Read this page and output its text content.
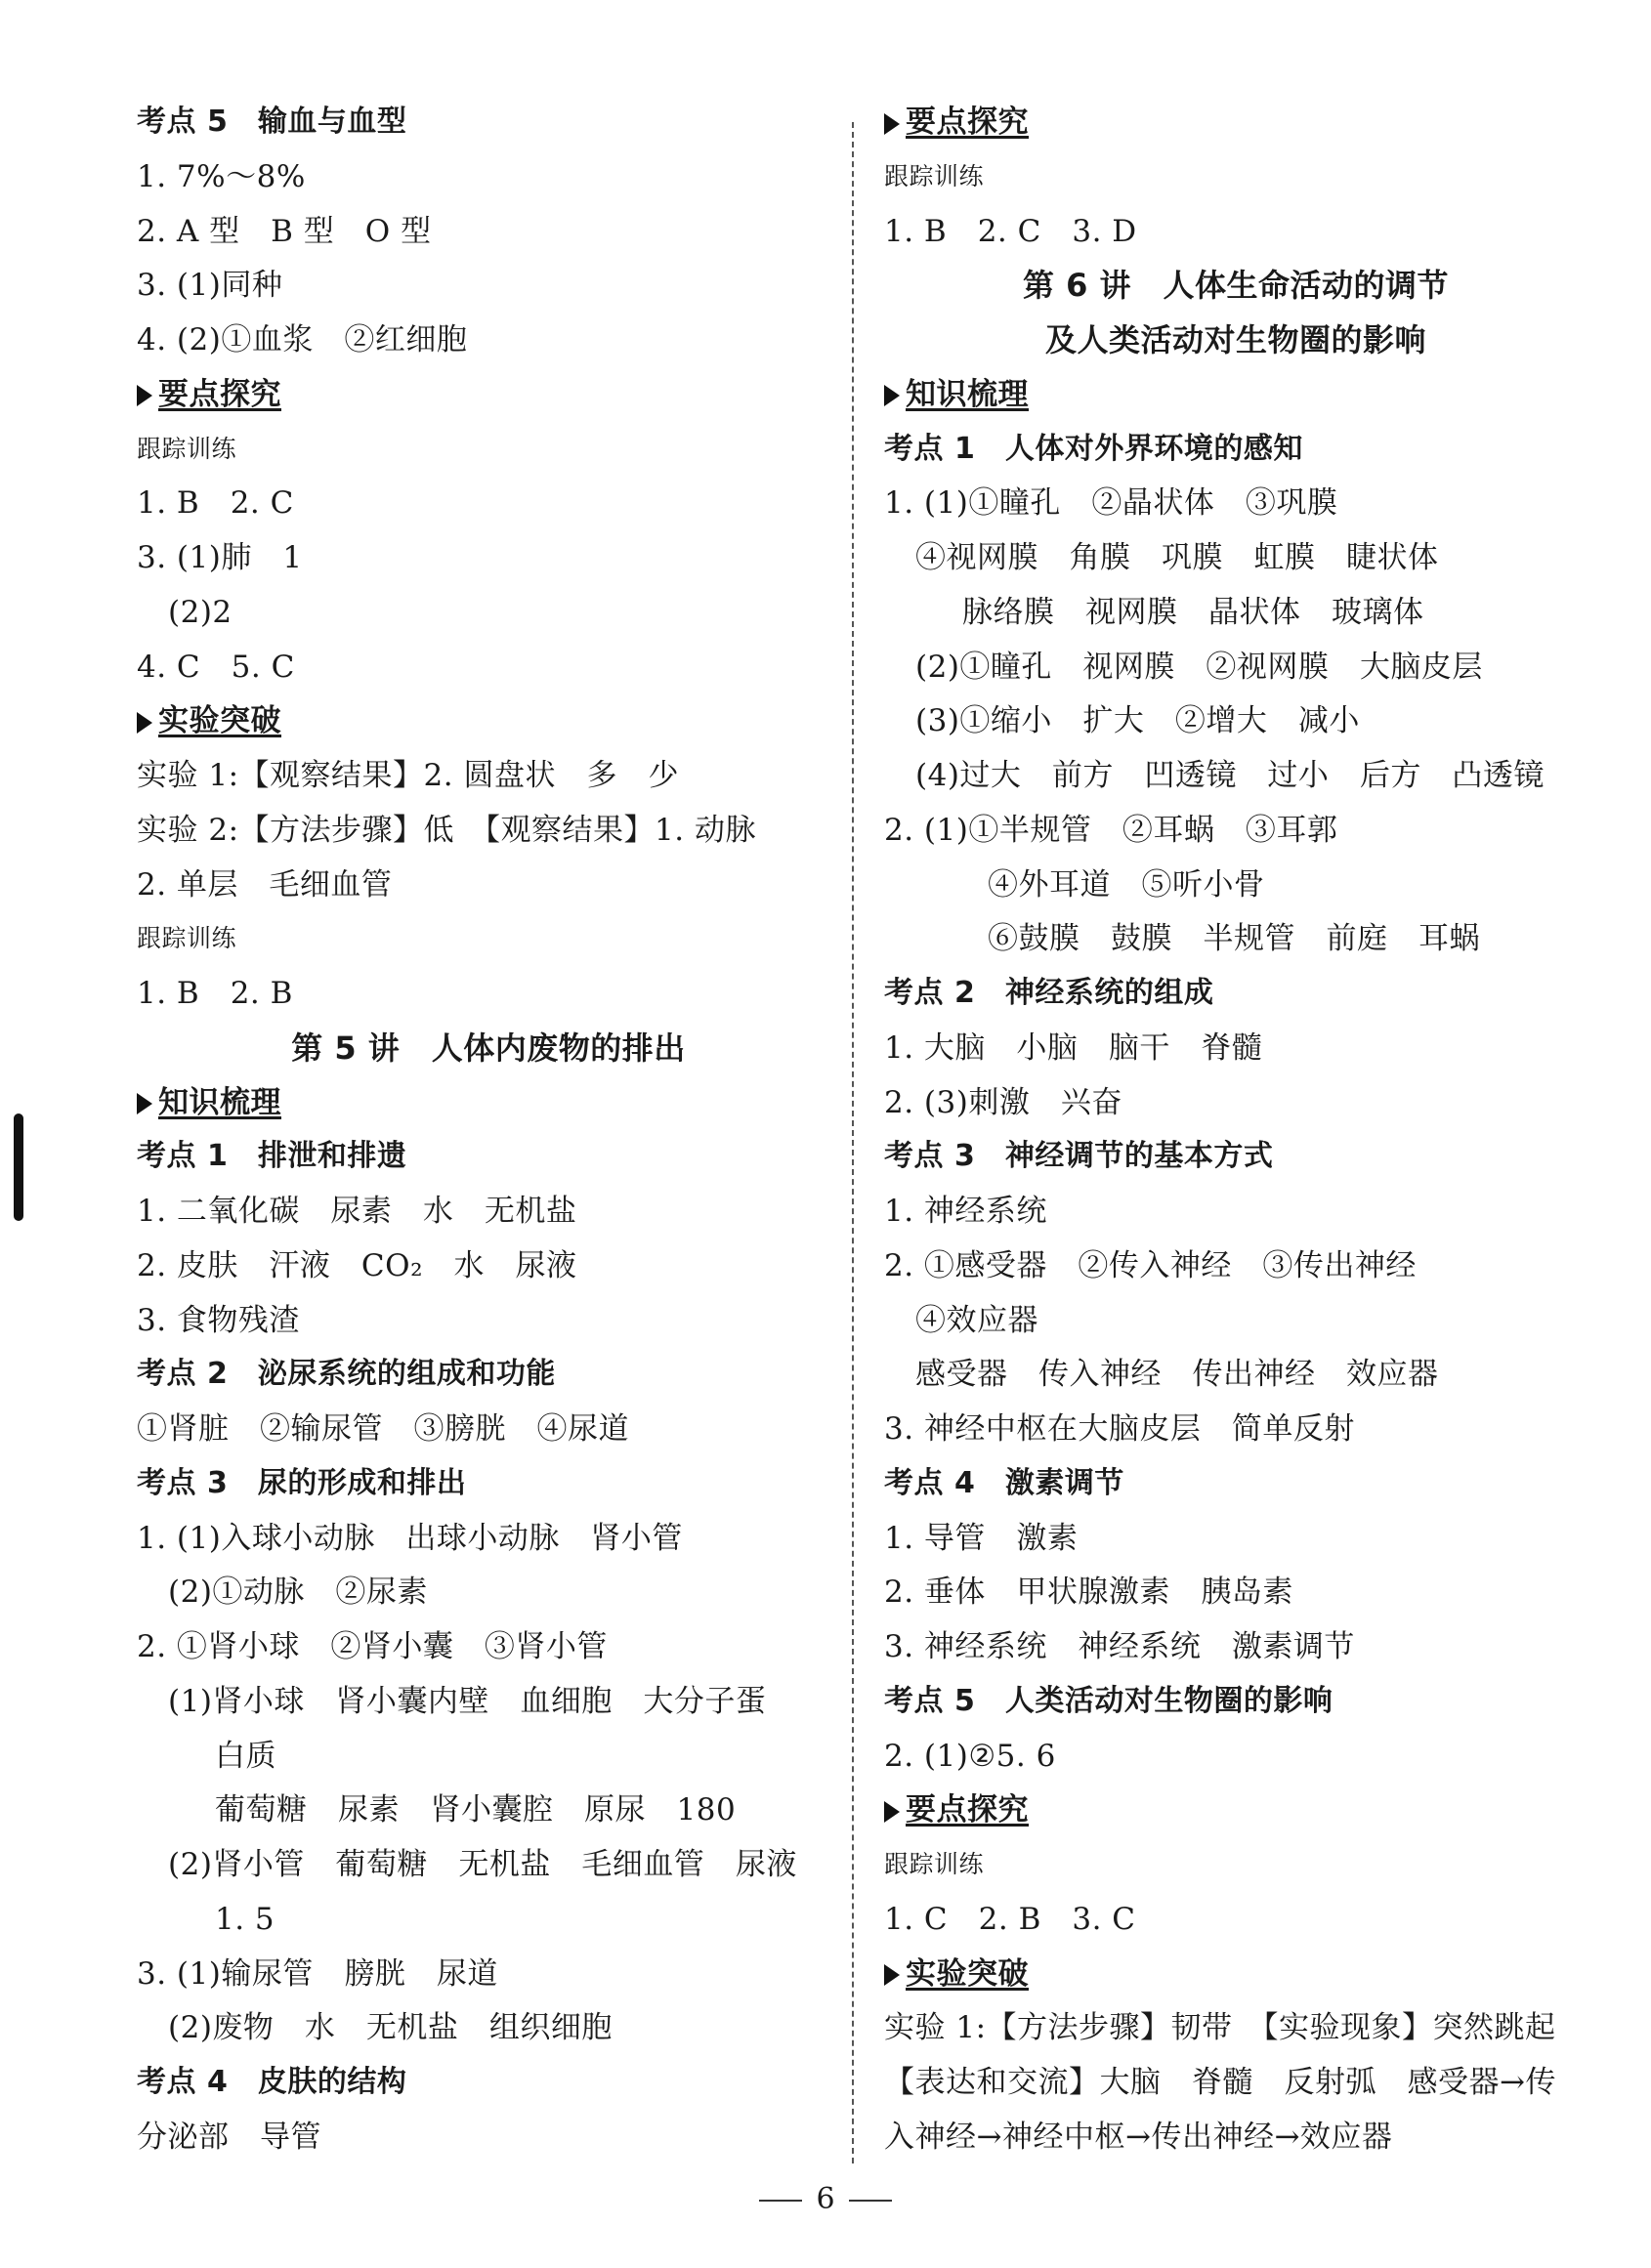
考点 5　输血与血型
1. 7%～8%
2. A 型　B 型　O 型
3. (1)同种
4. (2)①血浆　②红细胞
要点探究
跟踪训练
1. B　2. C
3. (1)肺　1
(2)2
4. C　5. C
实验突破
实验 1:【观察结果】2. 圆盘状　多　少
实验 2:【方法步骤】低　【观察结果】1. 动脉
2. 单层　毛细血管
跟踪训练
1. B　2. B
第 5 讲　人体内废物的排出
知识梳理
考点 1　排泄和排遗
1. 二氧化碳　尿素　水　无机盐
2. 皮肤　汗液　CO₂　水　尿液
3. 食物残渣
考点 2　泌尿系统的组成和功能
①肾脏　②输尿管　③膀胱　④尿道
考点 3　尿的形成和排出
1. (1)入球小动脉　出球小动脉　肾小管
(2)①动脉　②尿素
2. ①肾小球　②肾小囊　③肾小管
(1)肾小球　肾小囊内壁　血细胞　大分子蛋
白质
葡萄糖　尿素　肾小囊腔　原尿　180
(2)肾小管　葡萄糖　无机盐　毛细血管　尿液
1. 5
3. (1)输尿管　膀胱　尿道
(2)废物　水　无机盐　组织细胞
考点 4　皮肤的结构
分泌部　导管
要点探究
跟踪训练
1. B　2. C　3. D
第 6 讲　人体生命活动的调节
及人类活动对生物圈的影响
知识梳理
考点 1　人体对外界环境的感知
1. (1)①瞳孔　②晶状体　③巩膜
④视网膜　角膜　巩膜　虹膜　睫状体
脉络膜　视网膜　晶状体　玻璃体
(2)①瞳孔　视网膜　②视网膜　大脑皮层
(3)①缩小　扩大　②增大　减小
(4)过大　前方　凹透镜　过小　后方　凸透镜
2. (1)①半规管　②耳蜗　③耳郭
④外耳道　⑤听小骨
⑥鼓膜　鼓膜　半规管　前庭　耳蜗
考点 2　神经系统的组成
1. 大脑　小脑　脑干　脊髓
2. (3)刺激　兴奋
考点 3　神经调节的基本方式
1. 神经系统
2. ①感受器　②传入神经　③传出神经
④效应器
感受器　传入神经　传出神经　效应器
3. 神经中枢在大脑皮层　简单反射
考点 4　激素调节
1. 导管　激素
2. 垂体　甲状腺激素　胰岛素
3. 神经系统　神经系统　激素调节
考点 5　人类活动对生物圈的影响
2. (1)②5. 6
要点探究
跟踪训练
1. C　2. B　3. C
实验突破
实验 1:【方法步骤】韧带　【实验现象】突然跳起
【表达和交流】大脑　脊髓　反射弧　感受器→传
入神经→神经中枢→传出神经→效应器
6
